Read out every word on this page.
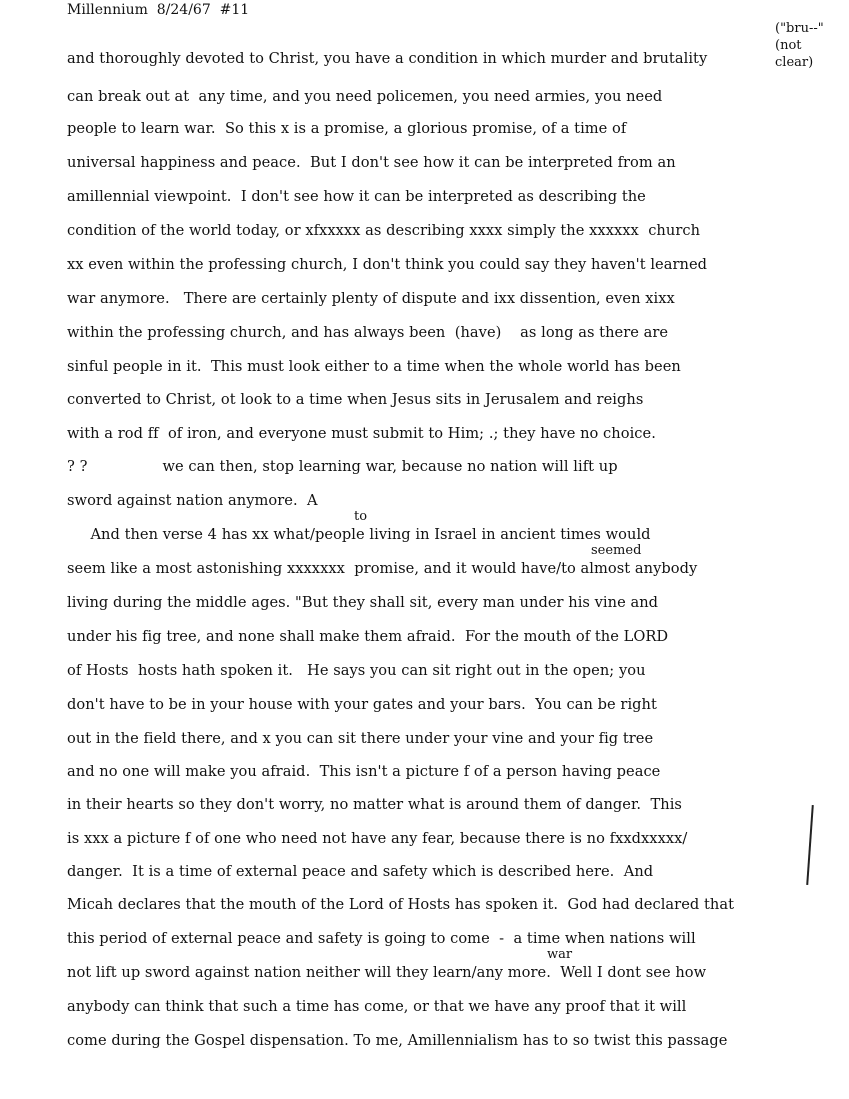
Millennium  8/24/67  #11
("bru--"
(not
clear)
and thoroughly devoted to Christ, you have a condition in which murder and brutality
can break out at  any time, and you need policemen, you need armies, you need
people to learn war.  So this x is a promise, a glorious promise, of a time of
universal happiness and peace.  But I don't see how it can be interpreted from an
amillennial viewpoint.  I don't see how it can be interpreted as describing the
condition of the world today, or xfxxxxx as describing xxxx simply the xxxxxx  church
xx even within the professing church, I don't think you could say they haven't learned
war anymore.   There are certainly plenty of dispute and ixx dissention, even xixx
within the professing church, and has always been  (have)    as long as there are
sinful people in it.  This must look either to a time when the whole world has been
converted to Christ, ot look to a time when Jesus sits in Jerusalem and reighs
with a rod ff  of iron, and everyone must submit to Him; .; they have no choice.
? ?                we can then, stop learning war, because no nation will lift up
sword against nation anymore.  A
to
And then verse 4 has xx what/people living in Israel in ancient times would
seemed
seem like a most astonishing xxxxxxx  promise, and it would have/to almost anybody
living during the middle ages. "But they shall sit, every man under his vine and
under his fig tree, and none shall make them afraid.  For the mouth of the LORD
of Hosts  hosts hath spoken it.   He says you can sit right out in the open; you
don't have to be in your house with your gates and your bars.  You can be right
out in the field there, and x you can sit there under your vine and your fig tree
and no one will make you afraid.  This isn't a picture f of a person having peace
in their hearts so they don't worry, no matter what is around them of danger.  This
is xxx a picture f of one who need not have any fear, because there is no fxxdxxxxx/
danger.  It is a time of external peace and safety which is described here.  And
Micah declares that the mouth of the Lord of Hosts has spoken it.  God had declared that
this period of external peace and safety is going to come  -  a time when nations will
war
not lift up sword against nation neither will they learn/any more.  Well I dont see how
anybody can think that such a time has come, or that we have any proof that it will
come during the Gospel dispensation. To me, Amillennialism has to so twist this passage
